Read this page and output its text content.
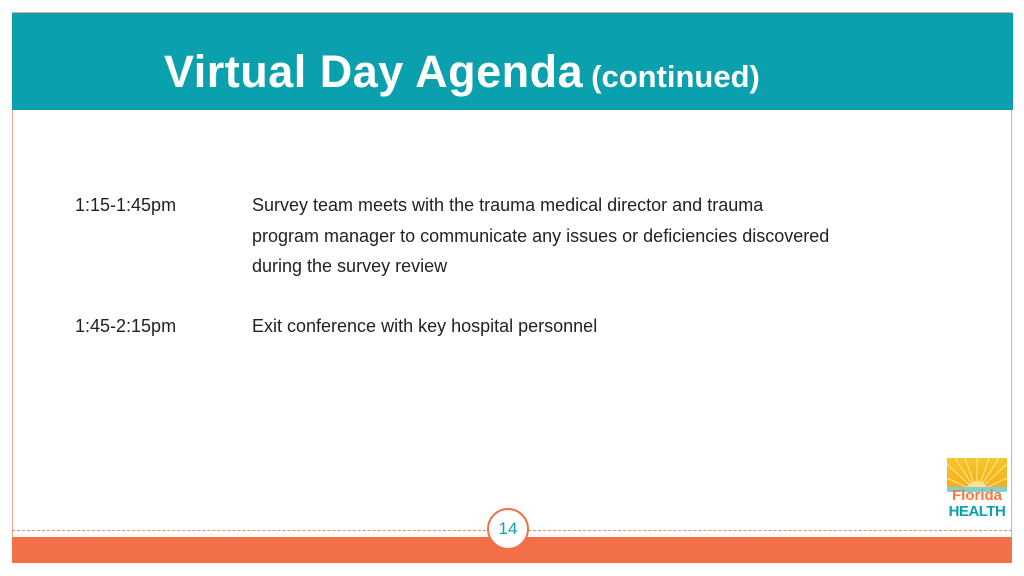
Virtual Day Agenda (continued)
1:15-1:45pm	Survey team meets with the trauma medical director and trauma
program manager to communicate any issues or deficiencies discovered
during the survey review
1:45-2:15pm	Exit conference with key hospital personnel
14
Florida
HEALTH
